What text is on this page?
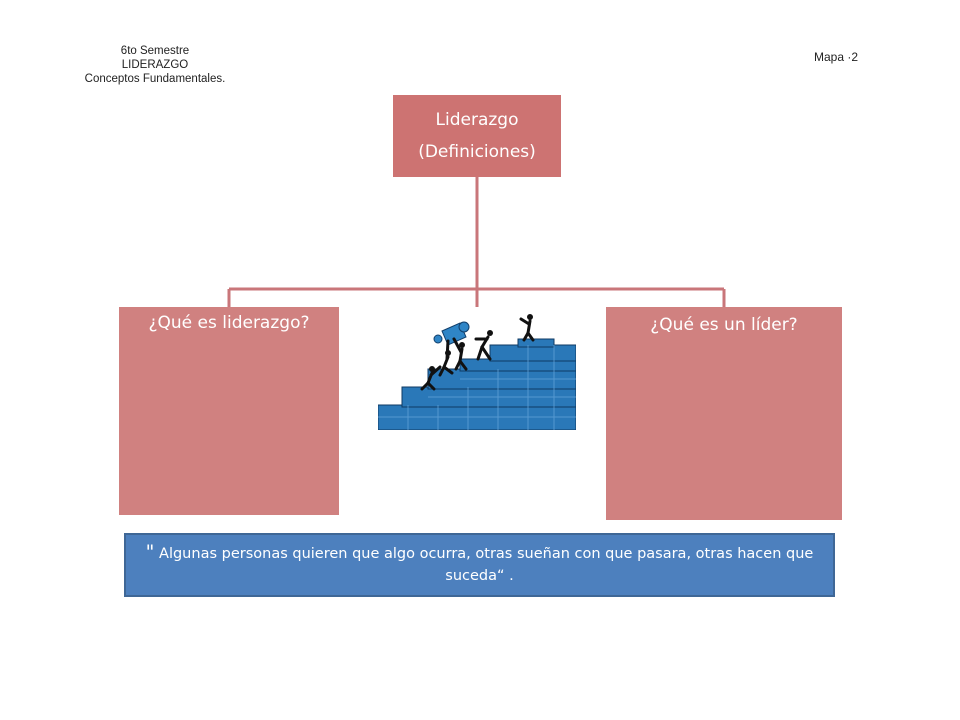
6to Semestre
LIDERAZGO
Conceptos Fundamentales.
Mapa ·2
Liderazgo
(Definiciones)
¿Qué es liderazgo?	¿Qué es un líder?
" Algunas personas quieren que algo ocurra, otras sueñan con que pasara, otras hacen que suceda“ .
